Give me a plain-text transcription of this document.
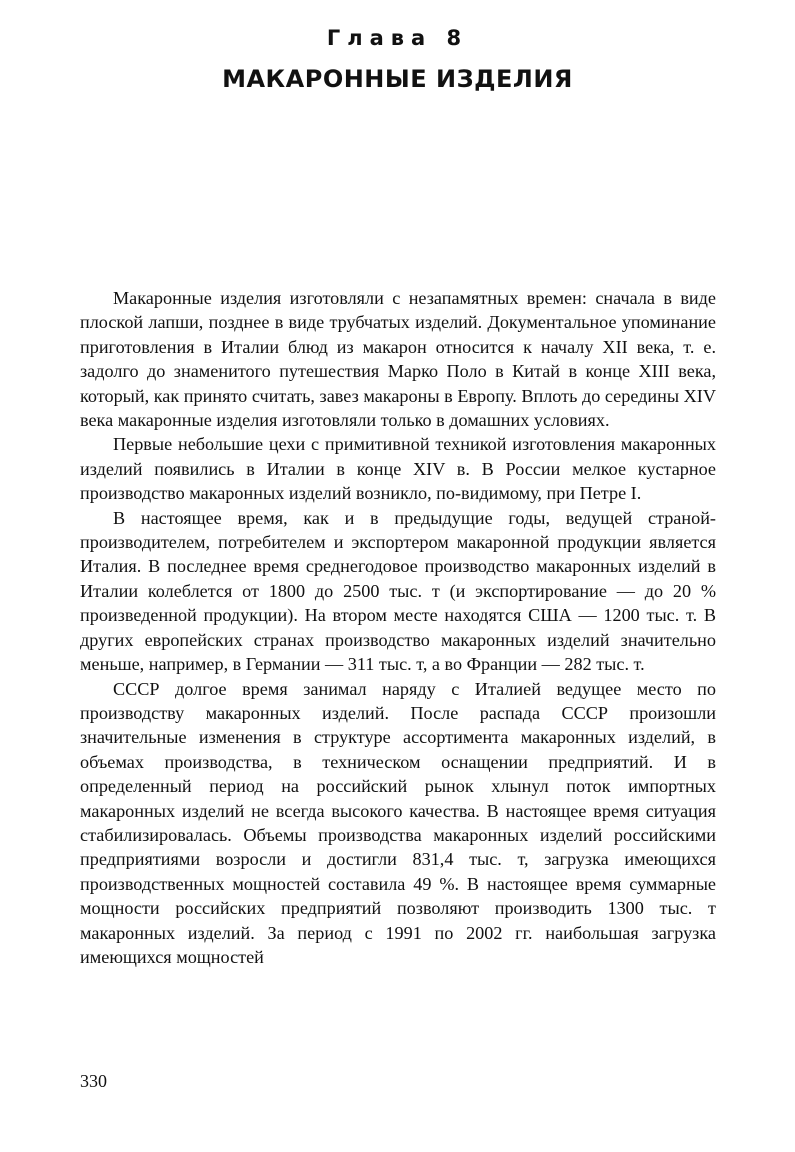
Глава 8
МАКАРОННЫЕ ИЗДЕЛИЯ

Макаронные изделия изготовляли с незапамятных времен: сначала в виде плоской лапши, позднее в виде трубчатых изделий. Документальное упоминание приготовления в Италии блюд из макарон относится к началу XII века, т. е. задолго до знаменитого путешествия Марко Поло в Китай в конце XIII века, который, как принято считать, завез макароны в Европу. Вплоть до середины XIV века макаронные изделия изготовляли только в домашних условиях.

Первые небольшие цехи с примитивной техникой изготовления макаронных изделий появились в Италии в конце XIV в. В России мелкое кустарное производство макаронных изделий возникло, по-видимому, при Петре I.

В настоящее время, как и в предыдущие годы, ведущей страной-производителем, потребителем и экспортером макаронной продукции является Италия. В последнее время среднегодовое производство макаронных изделий в Италии колеблется от 1800 до 2500 тыс. т (и экспортирование — до 20 % произведенной продукции). На втором месте находятся США — 1200 тыс. т. В других европейских странах производство макаронных изделий значительно меньше, например, в Германии — 311 тыс. т, а во Франции — 282 тыс. т.

СССР долгое время занимал наряду с Италией ведущее место по производству макаронных изделий. После распада СССР произошли значительные изменения в структуре ассортимента макаронных изделий, в объемах производства, в техническом оснащении предприятий. И в определенный период на российский рынок хлынул поток импортных макаронных изделий не всегда высокого качества. В настоящее время ситуация стабилизировалась. Объемы производства макаронных изделий российскими предприятиями возросли и достигли 831,4 тыс. т, загрузка имеющихся производственных мощностей составила 49 %. В настоящее время суммарные мощности российских предприятий позволяют производить 1300 тыс. т макаронных изделий. За период с 1991 по 2002 гг. наибольшая загрузка имеющихся мощностей

330
